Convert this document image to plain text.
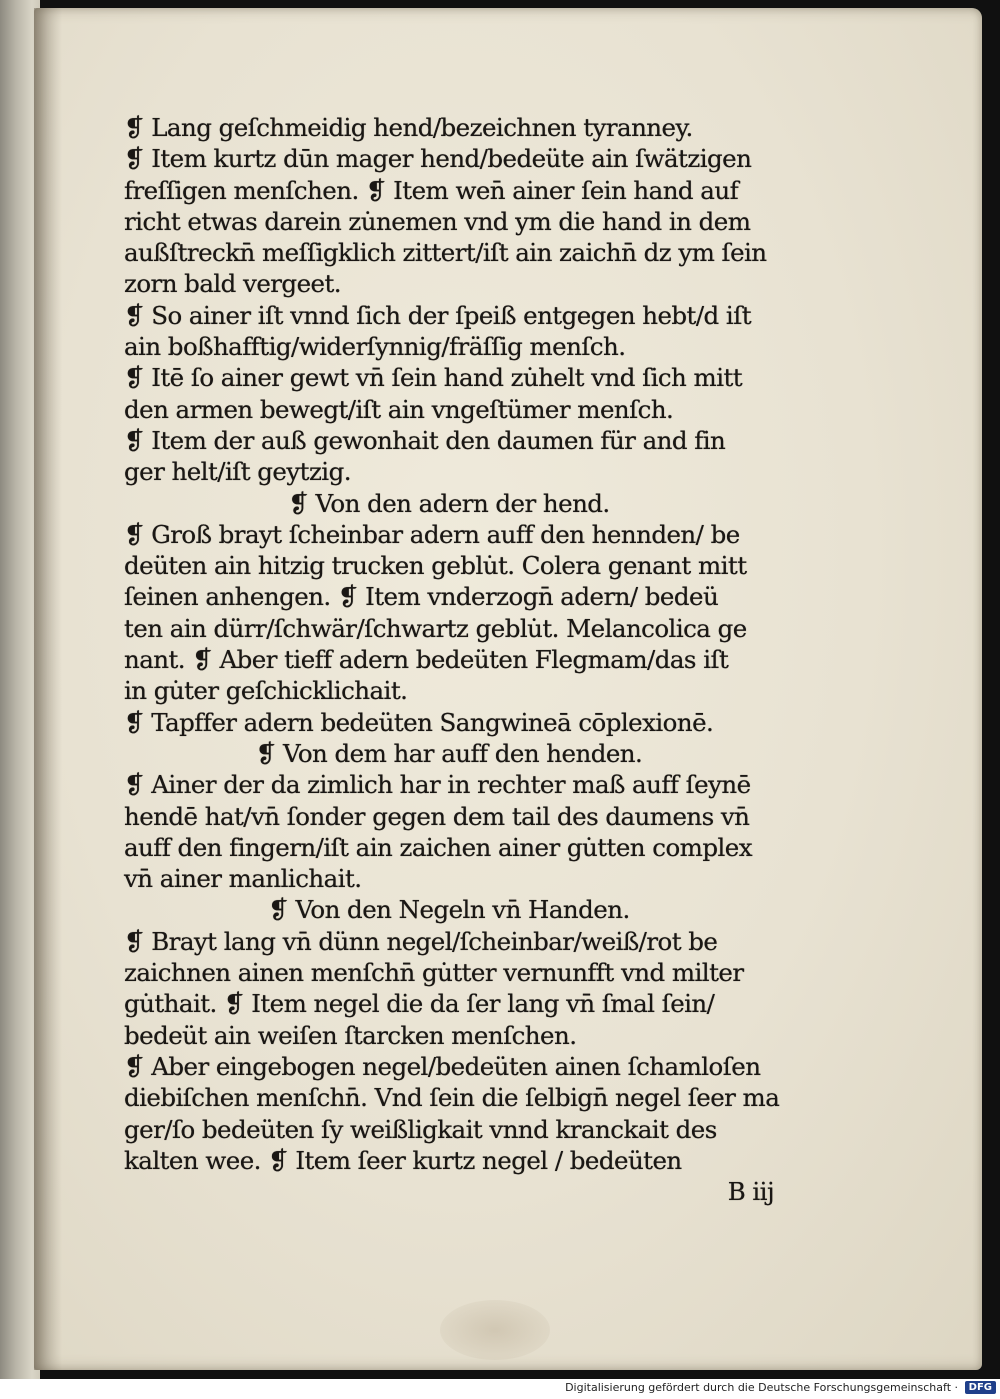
❡ Lang geſchmeidig hend/bezeichnen tyranney.
❡ Item kurtz dūn mager hend/bedeüte ain ſwätzigen
freſſigen menſchen. ❡ Item wen̄ ainer ſein hand auf
richt etwas darein zu̇nemen vnd ym die hand in dem
außſtreckn̄ meſſigklich zittert/iſt ain zaichn̄ dz ym ſein
zorn bald vergeet.
❡ So ainer iſt vnnd ſich der ſpeiß entgegen hebt/d iſt
ain boßhafftig/widerſynnig/fräſſig menſch.
❡ Itē ſo ainer gewt vn̄ ſein hand zu̇helt vnd ſich mitt
den armen bewegt/iſt ain vngeſtümer menſch.
❡ Item der auß gewonhait den daumen für and fin
ger helt/iſt geytzig.
❡ Von den adern der hend.
❡ Groß brayt ſcheinbar adern auff den hennden/ be
deüten ain hitzig trucken geblu̇t. Colera genant mitt
ſeinen anhengen. ❡ Item vnderzogn̄ adern/ bedeü
ten ain dürr/ſchwär/ſchwartz geblu̇t. Melancolica ge
nant. ❡ Aber tieff adern bedeüten Flegmam/das iſt
in gu̇ter geſchicklichait.
❡ Tapffer adern bedeüten Sangwineā cōplexionē.
❡ Von dem har auff den henden.
❡ Ainer der da zimlich har in rechter maß auff ſeynē
hendē hat/vn̄ ſonder gegen dem tail des daumens vn̄
auff den fingern/iſt ain zaichen ainer gu̇tten complex
vn̄ ainer manlichait.
❡ Von den Negeln vn̄ Handen.
❡ Brayt lang vn̄ dünn negel/ſcheinbar/weiß/rot be
zaichnen ainen menſchn̄ gu̇tter vernunfft vnd milter
gu̇thait. ❡ Item negel die da ſer lang vn̄ ſmal ſein/
bedeüt ain weiſen ſtarcken menſchen.
❡ Aber eingebogen negel/bedeüten ainen ſchamloſen
diebiſchen menſchn̄. Vnd ſein die ſelbign̄ negel ſeer ma
ger/ſo bedeüten ſy weißligkait vnnd kranckait des
kalten wee. ❡ Item ſeer kurtz negel / bedeüten
B iij
Digitalisierung gefördert durch die Deutsche Forschungsgemeinschaft ·	DFG
